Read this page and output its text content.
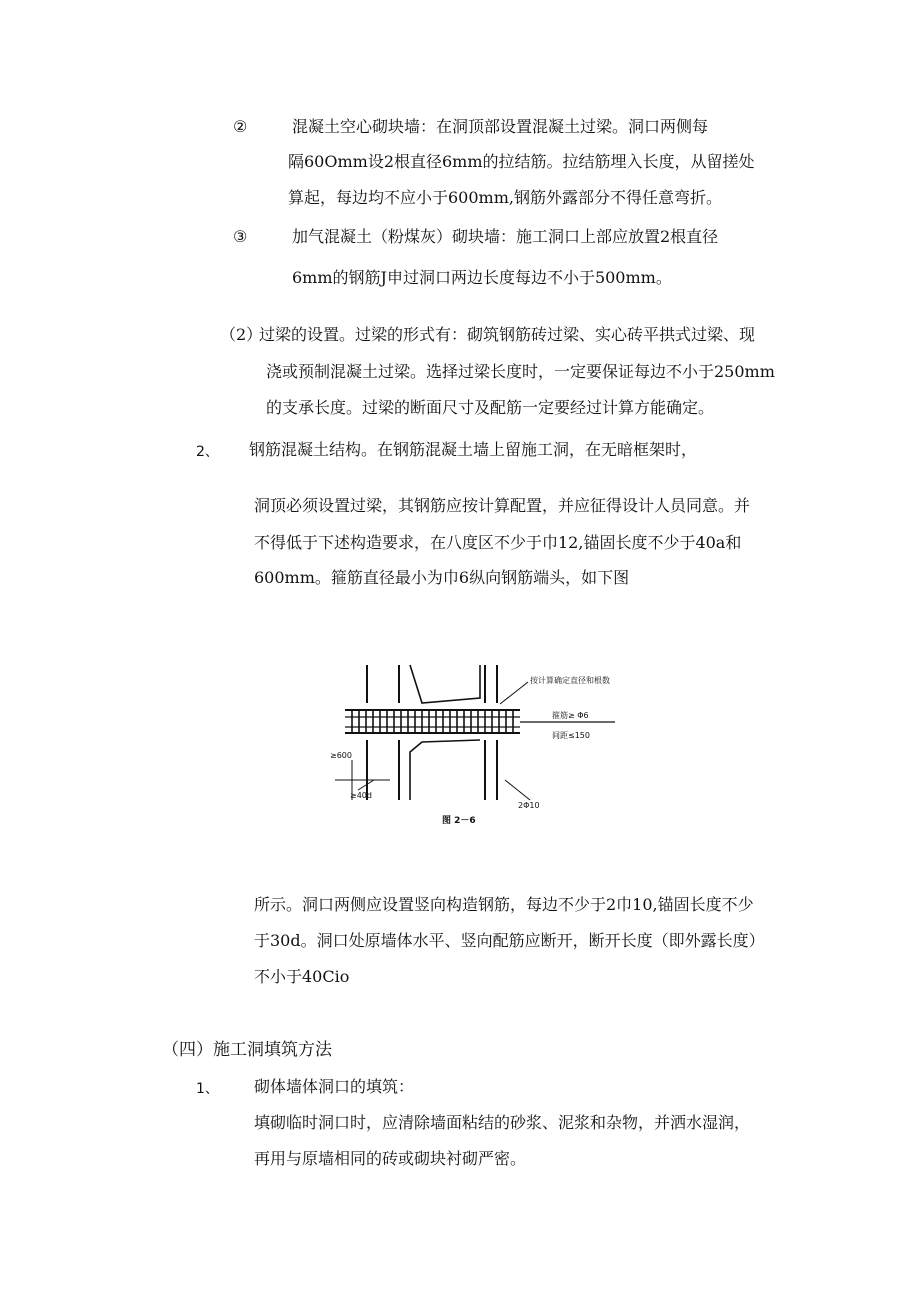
②	混凝土空心砌块墙：在洞顶部设置混凝土过梁。洞口两侧每
隔60Omm设2根直径6mm的拉结筋。拉结筋埋入长度，从留搓处
算起，每边均不应小于600mm,钢筋外露部分不得任意弯折。
③	加气混凝土（粉煤灰）砌块墙：施工洞口上部应放置2根直径
6mm的钢筋J申过洞口两边长度每边不小于500mm。
（2）
过梁的设置。过梁的形式有：砌筑钢筋砖过梁、实心砖平拱式过梁、现
浇或预制混凝土过梁。选择过梁长度时，一定要保证每边不小于250mm
的支承长度。过梁的断面尺寸及配筋一定要经过计算方能确定。
2、 钢筋混凝土结构。在钢筋混凝土墙上留施工洞，在无暗框架时，
洞顶必须设置过梁，其钢筋应按计算配置，并应征得设计人员同意。并
不得低于下述构造要求，在八度区不少于巾12,锚固长度不少于40a和
600mm。箍筋直径最小为巾6纵向钢筋端头，如下图
按计算确定直径和根数
箍筋≥ Φ6
间距≤150
≥600
≥40d
2Φ10
图 2－6
所示。洞口两侧应设置竖向构造钢筋，每边不少于2巾10,锚固长度不少
于30d。洞口处原墙体水平、竖向配筋应断开，断开长度（即外露长度）
不小于40Cio
（四）施工洞填筑方法
1、 砌体墙体洞口的填筑：
填砌临时洞口时，应清除墙面粘结的砂浆、泥浆和杂物，并洒水湿润，
再用与原墙相同的砖或砌块衬砌严密。
